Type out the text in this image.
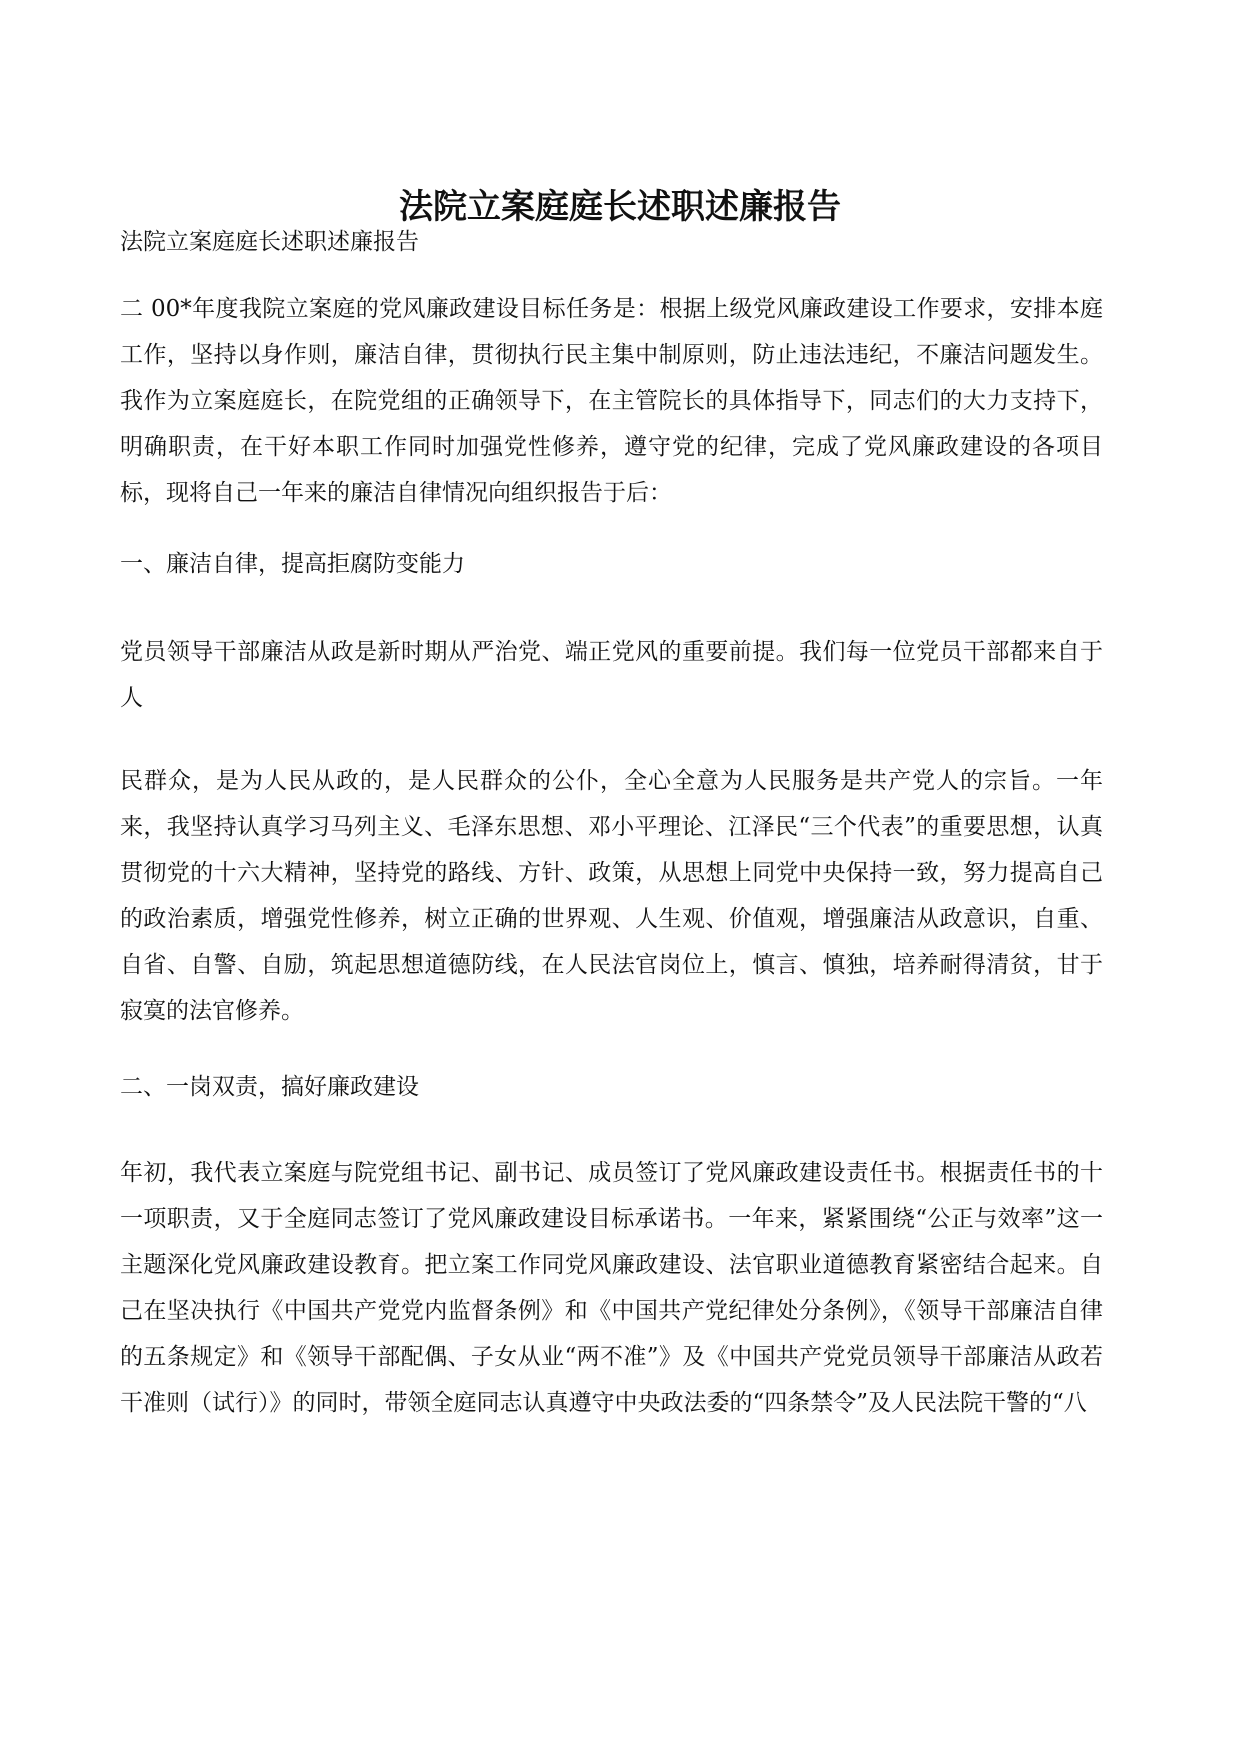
法院立案庭庭长述职述廉报告
法院立案庭庭长述职述廉报告

二 00*年度我院立案庭的党风廉政建设目标任务是：根据上级党风廉政建设工作要求，安排本庭工作，坚持以身作则，廉洁自律，贯彻执行民主集中制原则，防止违法违纪，不廉洁问题发生。我作为立案庭庭长，在院党组的正确领导下，在主管院长的具体指导下，同志们的大力支持下，明确职责，在干好本职工作同时加强党性修养，遵守党的纪律，完成了党风廉政建设的各项目标，现将自己一年来的廉洁自律情况向组织报告于后：

一、廉洁自律，提高拒腐防变能力

党员领导干部廉洁从政是新时期从严治党、端正党风的重要前提。我们每一位党员干部都来自于人

民群众，是为人民从政的，是人民群众的公仆，全心全意为人民服务是共产党人的宗旨。一年来，我坚持认真学习马列主义、毛泽东思想、邓小平理论、江泽民“三个代表”的重要思想，认真贯彻党的十六大精神，坚持党的路线、方针、政策，从思想上同党中央保持一致，努力提高自己的政治素质，增强党性修养，树立正确的世界观、人生观、价值观，增强廉洁从政意识，自重、自省、自警、自励，筑起思想道德防线，在人民法官岗位上，慎言、慎独，培养耐得清贫，甘于寂寞的法官修养。

二、一岗双责，搞好廉政建设

年初，我代表立案庭与院党组书记、副书记、成员签订了党风廉政建设责任书。根据责任书的十一项职责，又于全庭同志签订了党风廉政建设目标承诺书。一年来，紧紧围绕“公正与效率”这一主题深化党风廉政建设教育。把立案工作同党风廉政建设、法官职业道德教育紧密结合起来。自己在坚决执行《中国共产党党内监督条例》和《中国共产党纪律处分条例》，《领导干部廉洁自律的五条规定》和《领导干部配偶、子女从业“两不准”》及《中国共产党党员领导干部廉洁从政若干准则（试行）》的同时，带领全庭同志认真遵守中央政法委的“四条禁令”及人民法院干警的“八
